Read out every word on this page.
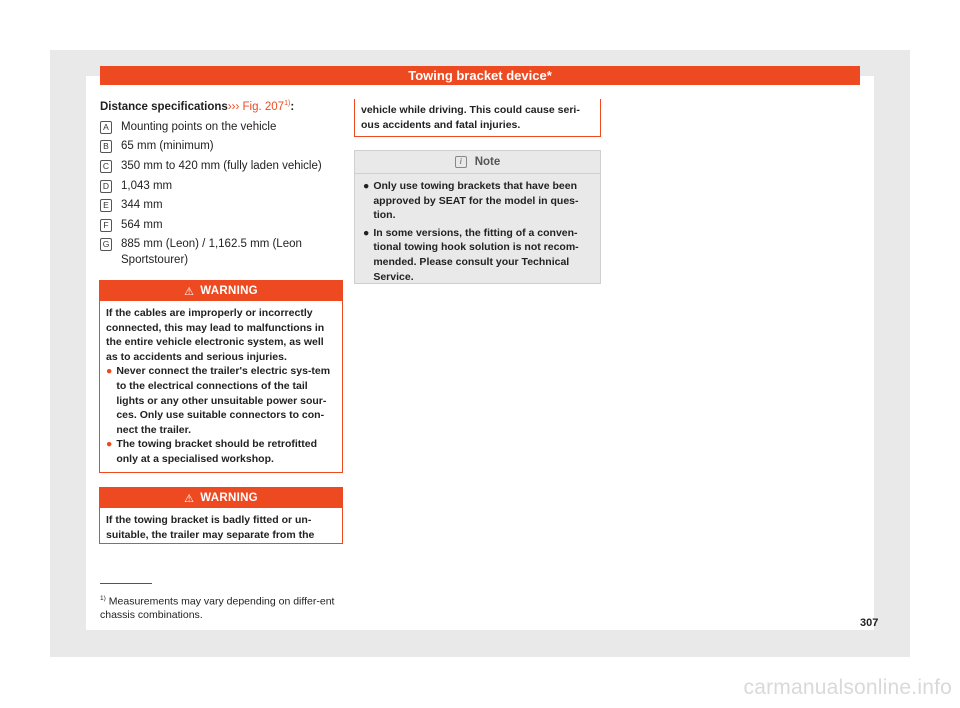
Towing bracket device*
Distance specifications››› Fig. 207$^{1)}$:
A Mounting points on the vehicle
B 65 mm (minimum)
C 350 mm to 420 mm (fully laden vehicle)
D 1,043 mm
E 344 mm
F 564 mm
G 885 mm (Leon) / 1,162.5 mm (Leon Sportstourer)
⚠ WARNING
If the cables are improperly or incorrectly connected, this may lead to malfunctions in the entire vehicle electronic system, as well as to accidents and serious injuries.
● Never connect the trailer's electric sys-tem to the electrical connections of the tail lights or any other unsuitable power sour-ces. Only use suitable connectors to con-nect the trailer.
● The towing bracket should be retrofitted only at a specialised workshop.
⚠ WARNING
If the towing bracket is badly fitted or un-suitable, the trailer may separate from the
vehicle while driving. This could cause seri-ous accidents and fatal injuries.
i	Note
● Only use towing brackets that have been approved by SEAT for the model in ques-tion.
● In some versions, the fitting of a conven-tional towing hook solution is not recom-mended. Please consult your Technical Service.
$^{1)}$ Measurements may vary depending on differ-ent chassis combinations.
307
carmanualsonline.info
